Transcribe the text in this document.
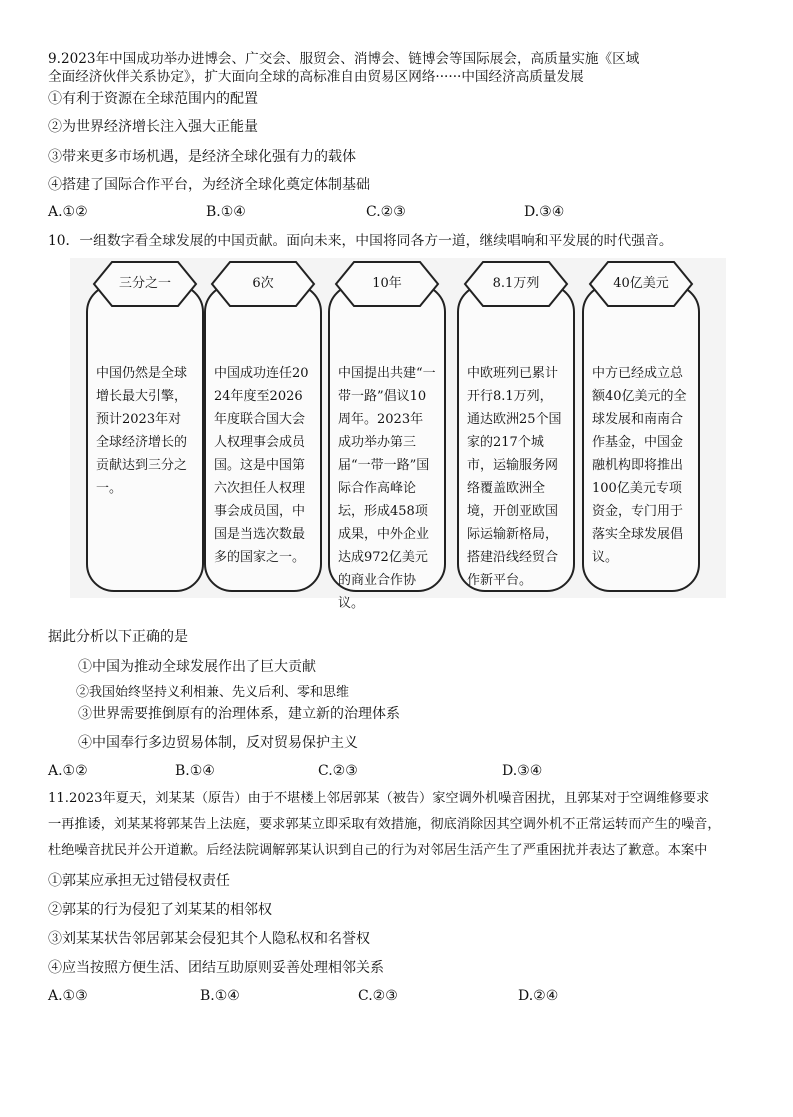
9.2023年中国成功举办进博会、广交会、服贸会、消博会、链博会等国际展会，高质量实施《区域
全面经济伙伴关系协定》，扩大面向全球的高标准自由贸易区网络······中国经济高质量发展
①有利于资源在全球范围内的配置
②为世界经济增长注入强大正能量
③带来更多市场机遇，是经济全球化强有力的载体
④搭建了国际合作平台，为经济全球化奠定体制基础
A.①②	B.①④	C.②③	D.③④
10．一组数字看全球发展的中国贡献。面向未来，中国将同各方一道，继续唱响和平发展的时代强音。
中国仍然是全球增长最大引擎，预计2023年对全球经济增长的贡献达到三分之一。
三分之一
中国成功连任2024年度至2026年度联合国大会人权理事会成员国。这是中国第六次担任人权理事会成员国，中国是当选次数最多的国家之一。
6次
中国提出共建“一带一路”倡议10周年。2023年成功举办第三届“一带一路”国际合作高峰论坛，形成458项成果，中外企业达成972亿美元的商业合作协议。
10年
中欧班列已累计开行8.1万列，通达欧洲25个国家的217个城市，运输服务网络覆盖欧洲全境，开创亚欧国际运输新格局，搭建沿线经贸合作新平台。
8.1万列
中方已经成立总额40亿美元的全球发展和南南合作基金，中国金融机构即将推出100亿美元专项资金，专门用于落实全球发展倡议。
40亿美元
据此分析以下正确的是
①中国为推动全球发展作出了巨大贡献
②我国始终坚持义利相兼、先义后利、零和思维
③世界需要推倒原有的治理体系，建立新的治理体系
④中国奉行多边贸易体制，反对贸易保护主义
A.①②	B.①④	C.②③	D.③④
11.2023年夏天，刘某某（原告）由于不堪楼上邻居郭某（被告）家空调外机噪音困扰，且郭某对于空调维修要求
一再推诿，刘某某将郭某告上法庭，要求郭某立即采取有效措施，彻底消除因其空调外机不正常运转而产生的噪音，
杜绝噪音扰民并公开道歉。后经法院调解郭某认识到自己的行为对邻居生活产生了严重困扰并表达了歉意。本案中
①郭某应承担无过错侵权责任
②郭某的行为侵犯了刘某某的相邻权
③刘某某状告邻居郭某会侵犯其个人隐私权和名誉权
④应当按照方便生活、团结互助原则妥善处理相邻关系
A.①③	B.①④	C.②③	D.②④
